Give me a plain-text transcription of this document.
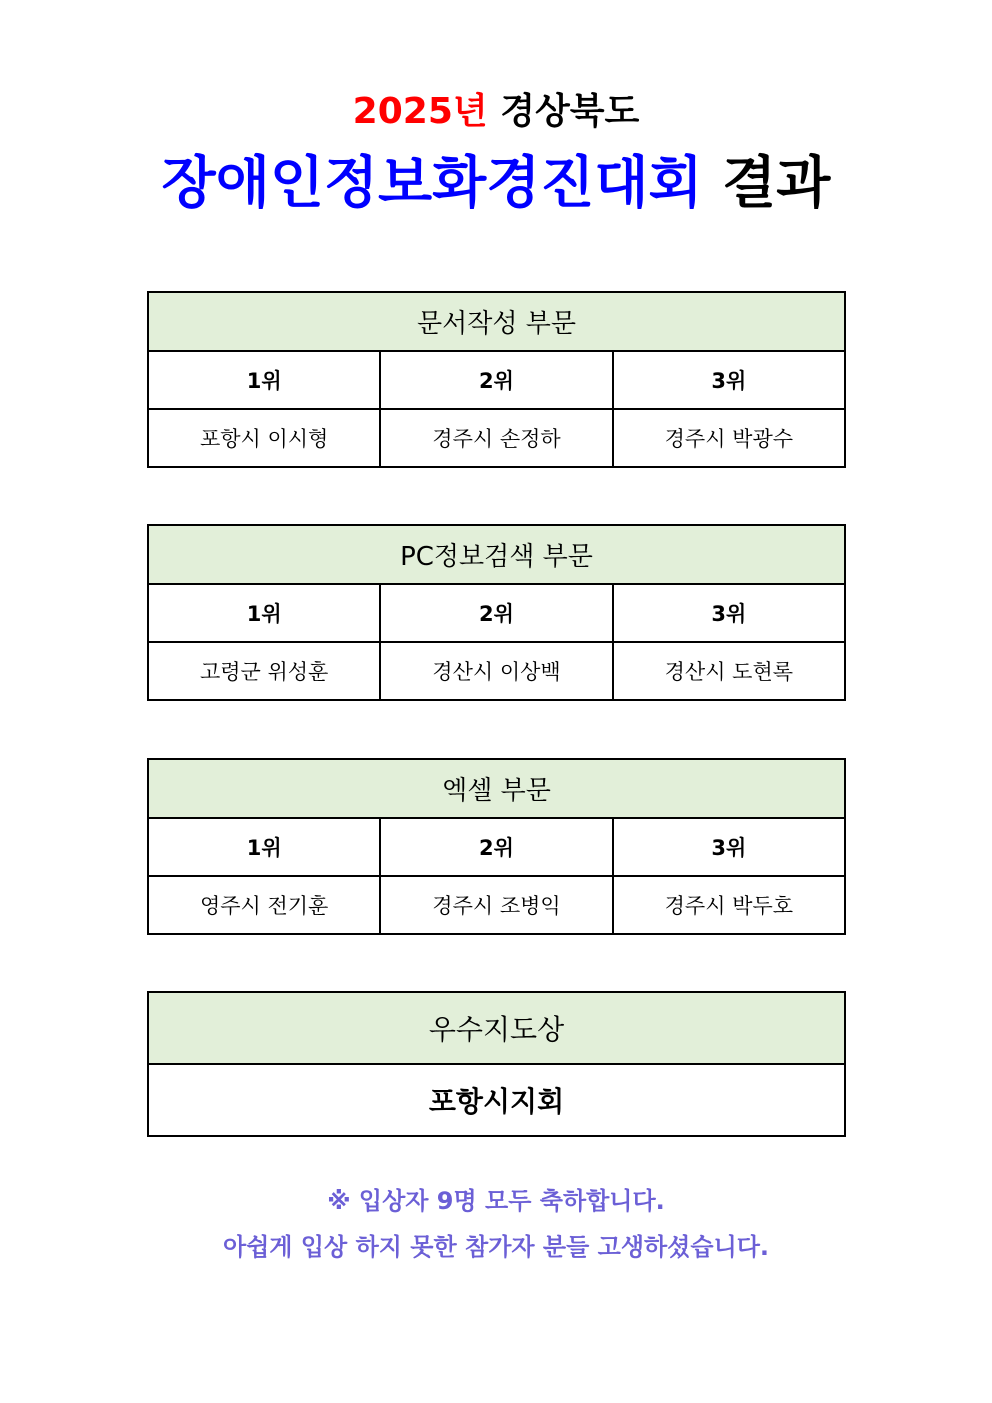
2025년 경상북도
장애인정보화경진대회 결과
문서작성 부문		
1위	2위	3위
포항시 이시형	경주시 손정하	경주시 박광수
PC정보검색 부문		
1위	2위	3위
고령군 위성훈	경산시 이상백	경산시 도현록
엑셀 부문		
1위	2위	3위
영주시 전기훈	경주시 조병익	경주시 박두호
우수지도상
포항시지회
※ 입상자 9명 모두 축하합니다.
아쉽게 입상 하지 못한 참가자 분들 고생하셨습니다.
